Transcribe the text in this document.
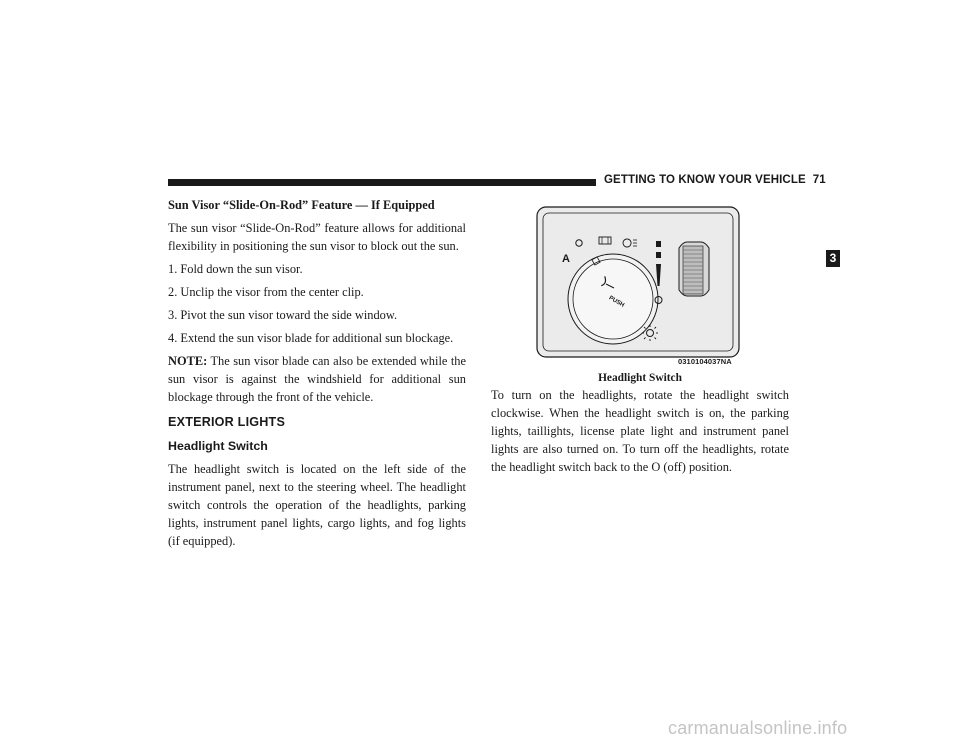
GETTING TO KNOW YOUR VEHICLE 71
3
Sun Visor “Slide-On-Rod” Feature — If Equipped

The sun visor “Slide-On-Rod” feature allows for additional flexibility in positioning the sun visor to block out the sun.

1. Fold down the sun visor.

2. Unclip the visor from the center clip.

3. Pivot the sun visor toward the side window.

4. Extend the sun visor blade for additional sun blockage.

NOTE: The sun visor blade can also be extended while the sun visor is against the windshield for additional sun blockage through the front of the vehicle.

EXTERIOR LIGHTS
Headlight Switch

The headlight switch is located on the left side of the instrument panel, next to the steering wheel. The headlight switch controls the operation of the headlights, parking lights, instrument panel lights, cargo lights, and fog lights (if equipped).

A
PUSH
0310104037NA
Headlight Switch

To turn on the headlights, rotate the headlight switch clockwise. When the headlight switch is on, the parking lights, taillights, license plate light and instrument panel lights are also turned on. To turn off the headlights, rotate the headlight switch back to the O (off) position.

carmanualsonline.info
